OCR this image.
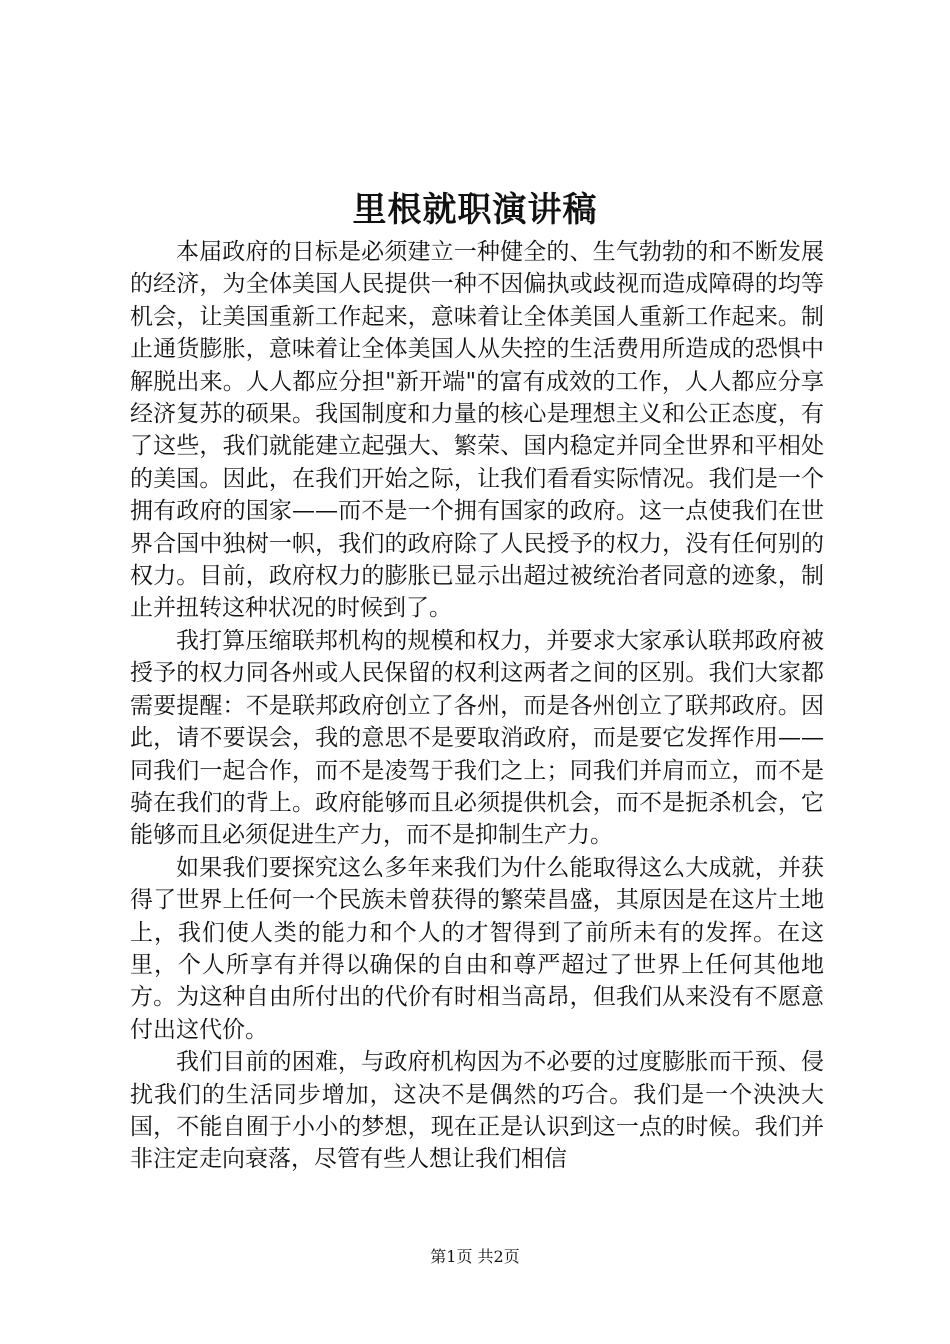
里根就职演讲稿

本届政府的日标是必须建立一种健全的、生气勃勃的和不断发展的经济，为全体美国人民提供一种不因偏执或歧视而造成障碍的均等机会，让美国重新工作起来，意味着让全体美国人重新工作起来。制止通货膨胀，意味着让全体美国人从失控的生活费用所造成的恐惧中解脱出来。人人都应分担"新开端"的富有成效的工作，人人都应分享经济复苏的硕果。我国制度和力量的核心是理想主义和公正态度，有了这些，我们就能建立起强大、繁荣、国内稳定并同全世界和平相处的美国。因此，在我们开始之际，让我们看看实际情况。我们是一个拥有政府的国家——而不是一个拥有国家的政府。这一点使我们在世界合国中独树一帜，我们的政府除了人民授予的权力，没有任何别的权力。目前，政府权力的膨胀已显示出超过被统治者同意的迹象，制止并扭转这种状况的时候到了。

我打算压缩联邦机构的规模和权力，并要求大家承认联邦政府被授予的权力同各州或人民保留的权利这两者之间的区别。我们大家都需要提醒：不是联邦政府创立了各州，而是各州创立了联邦政府。因此，请不要误会，我的意思不是要取消政府，而是要它发挥作用——同我们一起合作，而不是凌驾于我们之上；同我们并肩而立，而不是骑在我们的背上。政府能够而且必须提供机会，而不是扼杀机会，它能够而且必须促进生产力，而不是抑制生产力。

如果我们要探究这么多年来我们为什么能取得这么大成就，并获得了世界上任何一个民族未曾获得的繁荣昌盛，其原因是在这片土地上，我们使人类的能力和个人的才智得到了前所未有的发挥。在这里，个人所享有并得以确保的自由和尊严超过了世界上任何其他地方。为这种自由所付出的代价有时相当高昂，但我们从来没有不愿意付出这代价。

我们目前的困难，与政府机构因为不必要的过度膨胀而干预、侵扰我们的生活同步增加，这决不是偶然的巧合。我们是一个泱泱大国，不能自囿于小小的梦想，现在正是认识到这一点的时候。我们并非注定走向衰落，尽管有些人想让我们相信

第1页 共2页
